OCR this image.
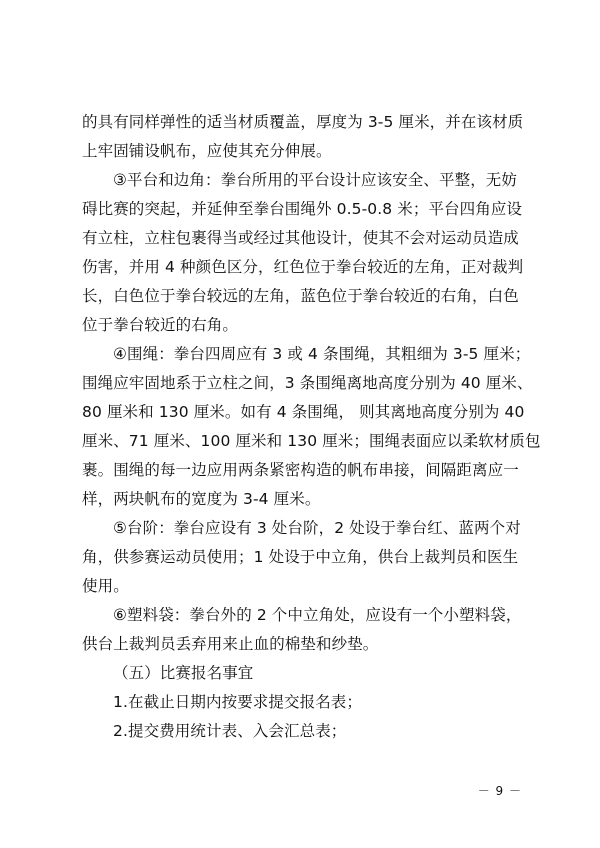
的具有同样弹性的适当材质覆盖，厚度为 3-5 厘米，并在该材质
上牢固铺设帆布，应使其充分伸展。
③平台和边角：拳台所用的平台设计应该安全、平整，无妨
碍比赛的突起，并延伸至拳台围绳外 0.5-0.8 米；平台四角应设
有立柱，立柱包裹得当或经过其他设计，使其不会对运动员造成
伤害，并用 4 种颜色区分，红色位于拳台较近的左角，正对裁判
长，白色位于拳台较远的左角，蓝色位于拳台较近的右角，白色
位于拳台较近的右角。
④围绳：拳台四周应有 3 或 4 条围绳，其粗细为 3-5 厘米；
围绳应牢固地系于立柱之间，3 条围绳离地高度分别为 40 厘米、
80 厘米和 130 厘米。如有 4 条围绳， 则其离地高度分别为 40
厘米、71 厘米、100 厘米和 130 厘米；围绳表面应以柔软材质包
裹。围绳的每一边应用两条紧密构造的帆布串接，间隔距离应一
样，两块帆布的宽度为 3-4 厘米。
⑤台阶：拳台应设有 3 处台阶，2 处设于拳台红、蓝两个对
角，供参赛运动员使用；1 处设于中立角，供台上裁判员和医生
使用。
⑥塑料袋：拳台外的 2 个中立角处，应设有一个小塑料袋，
供台上裁判员丢弃用来止血的棉垫和纱垫。
（五）比赛报名事宜
1.在截止日期内按要求提交报名表；
2.提交费用统计表、入会汇总表；
－ 9 －
